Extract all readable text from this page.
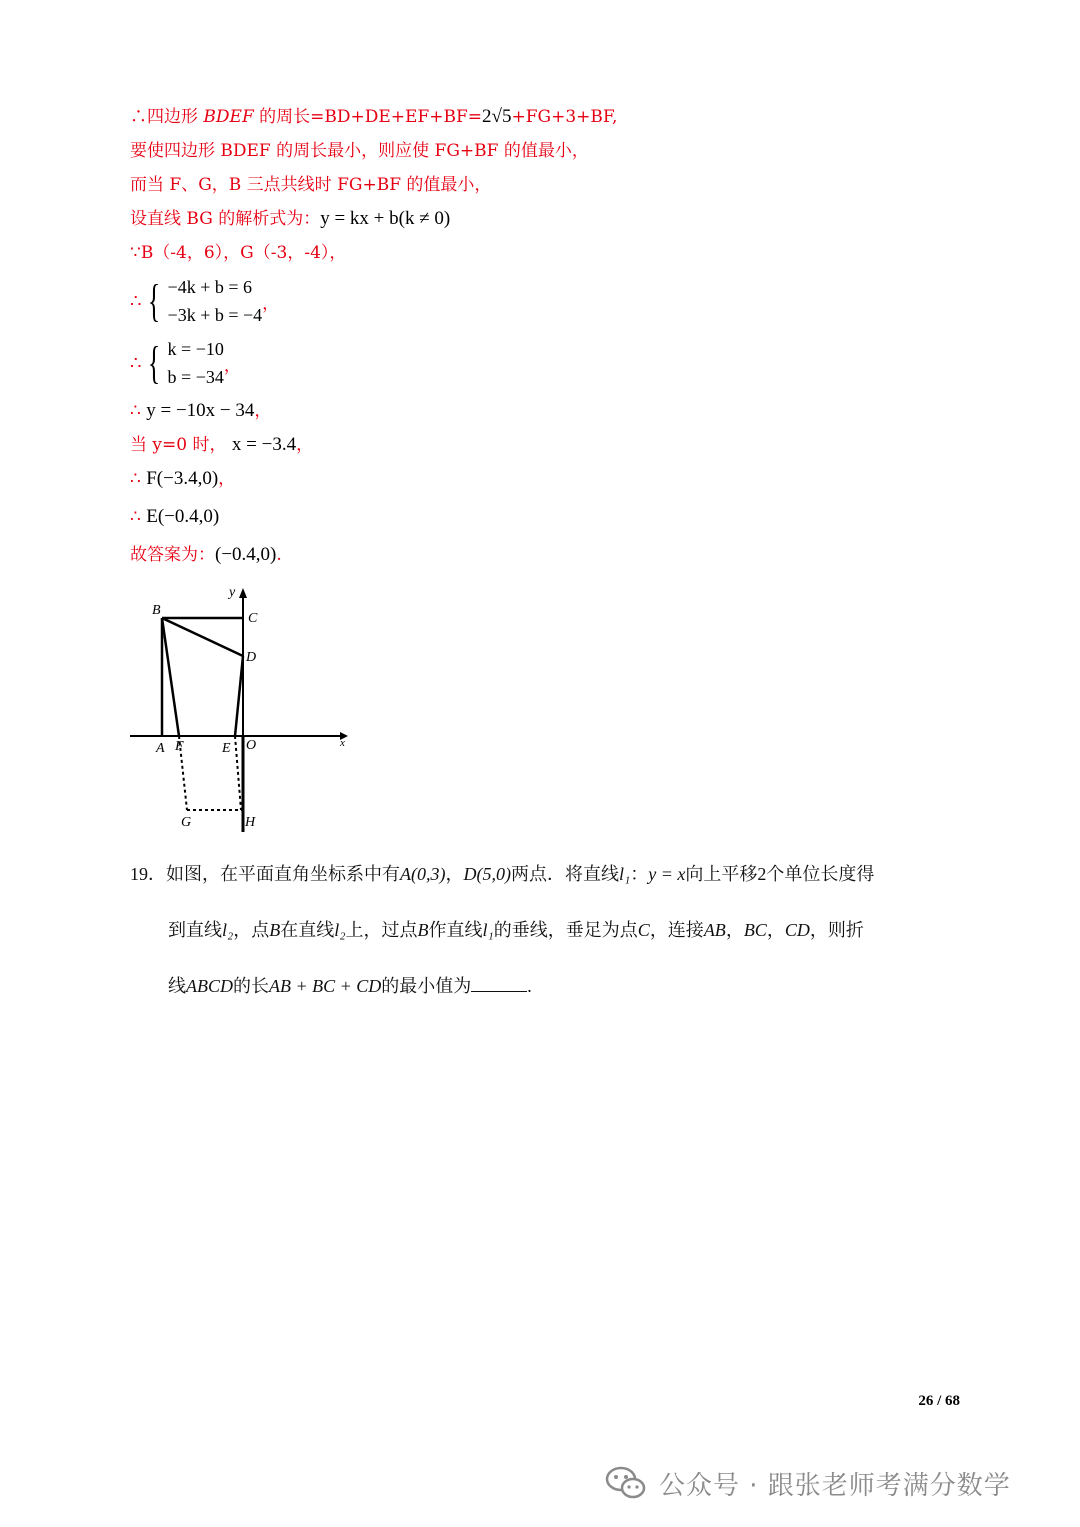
∴四边形 BDEF 的周长=BD+DE+EF+BF=2√5+FG+3+BF,
要使四边形 BDEF 的周长最小，则应使 FG+BF 的值最小，
而当 F、G，B 三点共线时 FG+BF 的值最小，
设直线 BG 的解析式为：y = kx + b(k ≠ 0)
∵B（-4，6），G（-3，-4），
∴ { −4k + b = 6
−3k + b = −4
，
∴ { k = −10
b = −34
，
∴ y = −10x − 34，
当 y=0 时， x = −3.4，
∴ F(−3.4,0)，
∴ E(−0.4,0)
故答案为：(−0.4,0).
y
B
C
D
A F	E O	x
G	H
19．如图，在平面直角坐标系中有A(0,3)，D(5,0)两点．将直线l₁：y = x向上平移2个单位长度得
到直线l₂，点B在直线l₂上，过点B作直线l₁的垂线，垂足为点C，连接AB，BC，CD，则折
线ABCD的长AB + BC + CD的最小值为	.
26 / 68
公众号 · 跟张老师考满分数学
